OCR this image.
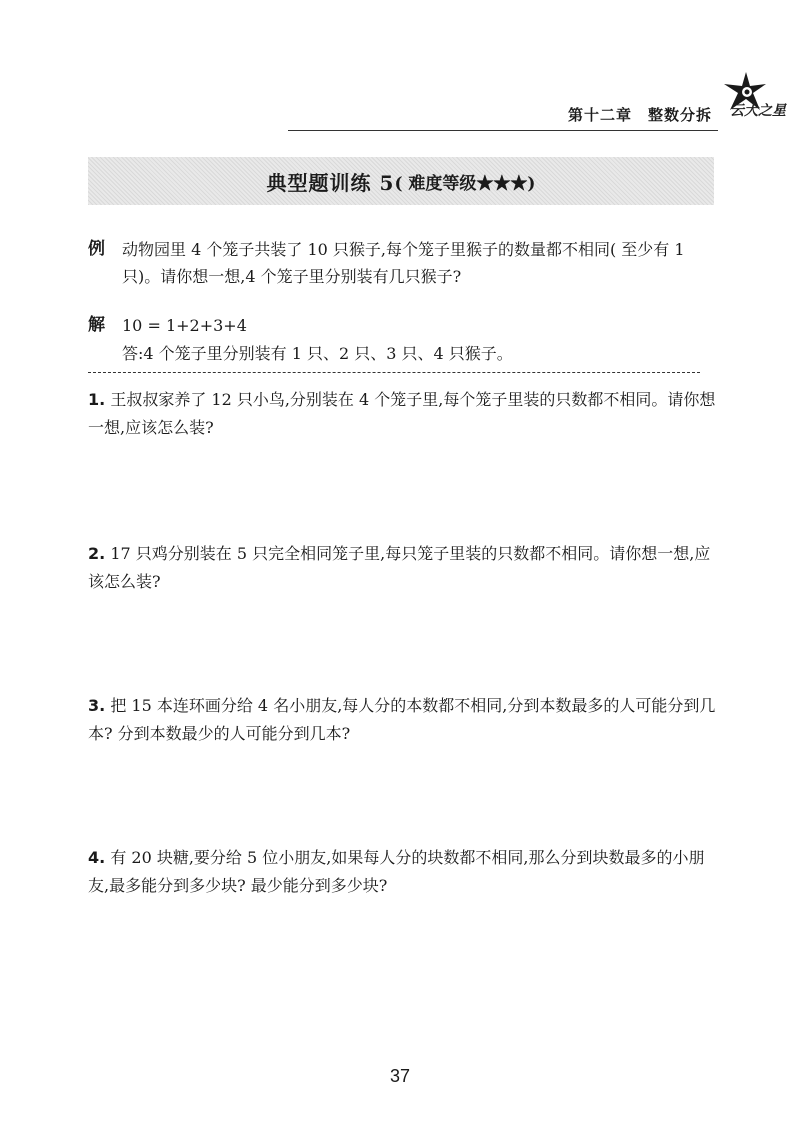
第十二章 整数分拆 云大之星
典型题训练 5 ( 难度等级★★★)
例 动物园里 4 个笼子共装了 10 只猴子,每个笼子里猴子的数量都不相同( 至少有 1 只)。请你想一想,4 个笼子里分别装有几只猴子?
解 10 = 1+2+3+4
答:4 个笼子里分别装有 1 只、2 只、3 只、4 只猴子。
1. 王叔叔家养了 12 只小鸟,分别装在 4 个笼子里,每个笼子里装的只数都不相同。请你想一想,应该怎么装?
2. 17 只鸡分别装在 5 只完全相同笼子里,每只笼子里装的只数都不相同。请你想一想,应该怎么装?
3. 把 15 本连环画分给 4 名小朋友,每人分的本数都不相同,分到本数最多的人可能分到几本? 分到本数最少的人可能分到几本?
4. 有 20 块糖,要分给 5 位小朋友,如果每人分的块数都不相同,那么分到块数最多的小朋友,最多能分到多少块? 最少能分到多少块?
37
